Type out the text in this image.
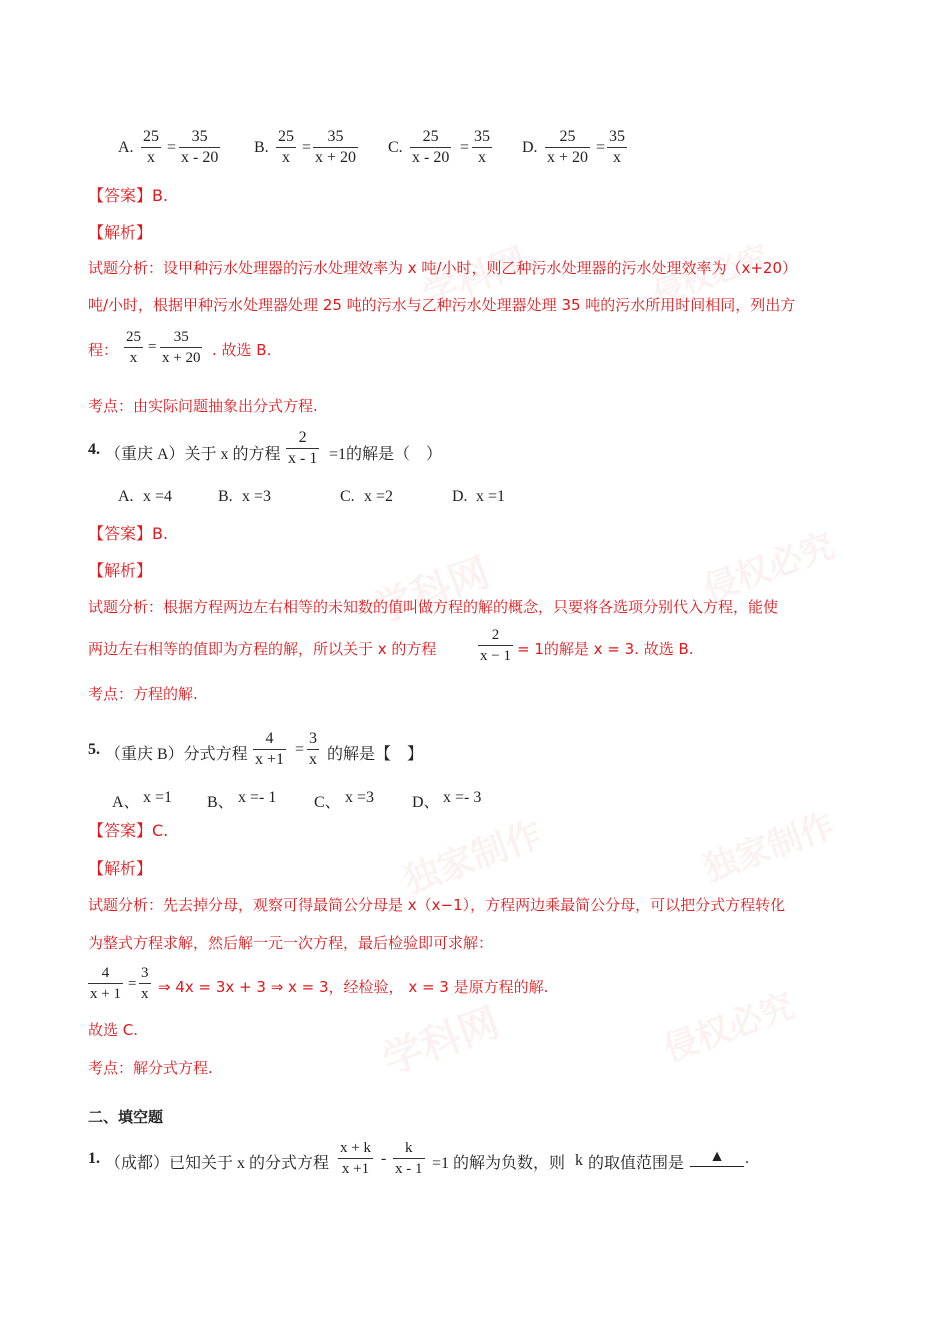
学科网	侵权必究
学科网	侵权必究
独家制作	独家制作
学科网	侵权必究
A.
25
x
=
35
x - 20
B.
25
x
=
35
x + 20
C.
25
x - 20
=
35
x
D.
25
x + 20
=
35
x
【答案】B.
【解析】
试题分析：设甲种污水处理器的污水处理效率为 x 吨/小时，则乙种污水处理器的污水处理效率为（x+20）
吨/小时，根据甲种污水处理器处理 25 吨的污水与乙种污水处理器处理 35 吨的污水所用时间相同，列出方
程：
25
x
=
35
x + 20 . 故选 B.
考点：由实际问题抽象出分式方程.
4. （重庆 A）关于 x 的方程
2
x - 1 =1的解是（　）
A. x =4	B. x =3	C. x =2	D. x =1
【答案】B.
【解析】
试题分析：根据方程两边左右相等的未知数的值叫做方程的解的概念，只要将各选项分别代入方程，能使
两边左右相等的值即为方程的解，所以关于 x 的方程
2
x − 1 = 1的解是 x = 3. 故选 B.
考点：方程的解.
5. （重庆 B）分式方程
4
x +1
=
3
x 的解是【　】
A、 x =1 B、 x =- 1 C、 x =3 D、 x =- 3
【答案】C.
【解析】
试题分析：先去掉分母，观察可得最简公分母是 x（x−1），方程两边乘最简公分母，可以把分式方程转化
为整式方程求解，然后解一元一次方程，最后检验即可求解：
4
x + 1
=
3
x ⇒ 4x = 3x + 3 ⇒ x = 3，经检验， x = 3 是原方程的解.
故选 C.
考点：解分式方程.
二、填空题
1. （成都）已知关于 x 的分式方程
x + k
x +1
-
k
x - 1 =1 的解为负数，则 k 的取值范围是	▲	.
